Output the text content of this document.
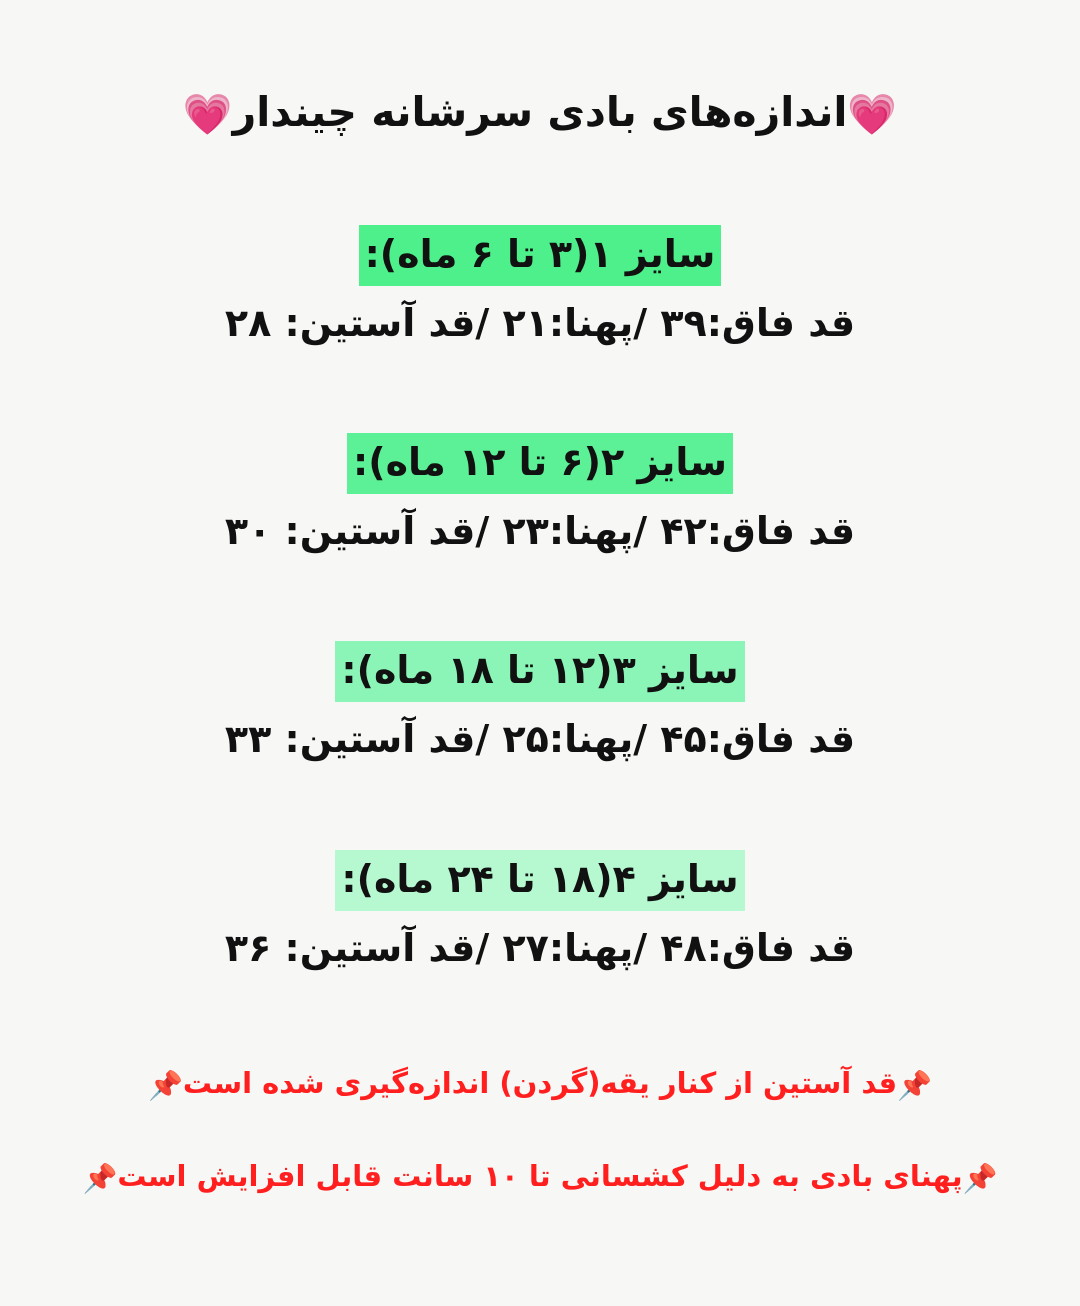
💗اندازه‌های بادی سرشانه چیندار💗
سایز ۱(۳ تا ۶ ماه):
قد فاق:۳۹ /پهنا:۲۱ /قد آستین: ۲۸
سایز ۲(۶ تا ۱۲ ماه):
قد فاق:۴۲ /پهنا:۲۳ /قد آستین: ۳۰
سایز ۳(۱۲ تا ۱۸ ماه):
قد فاق:۴۵ /پهنا:۲۵ /قد آستین: ۳۳
سایز ۴(۱۸ تا ۲۴ ماه):
قد فاق:۴۸ /پهنا:۲۷ /قد آستین: ۳۶
📌قد آستین از کنار یقه(گردن) اندازه‌گیری شده است📌
📌پهنای بادی به دلیل کشسانی تا ۱۰ سانت قابل افزایش است📌
